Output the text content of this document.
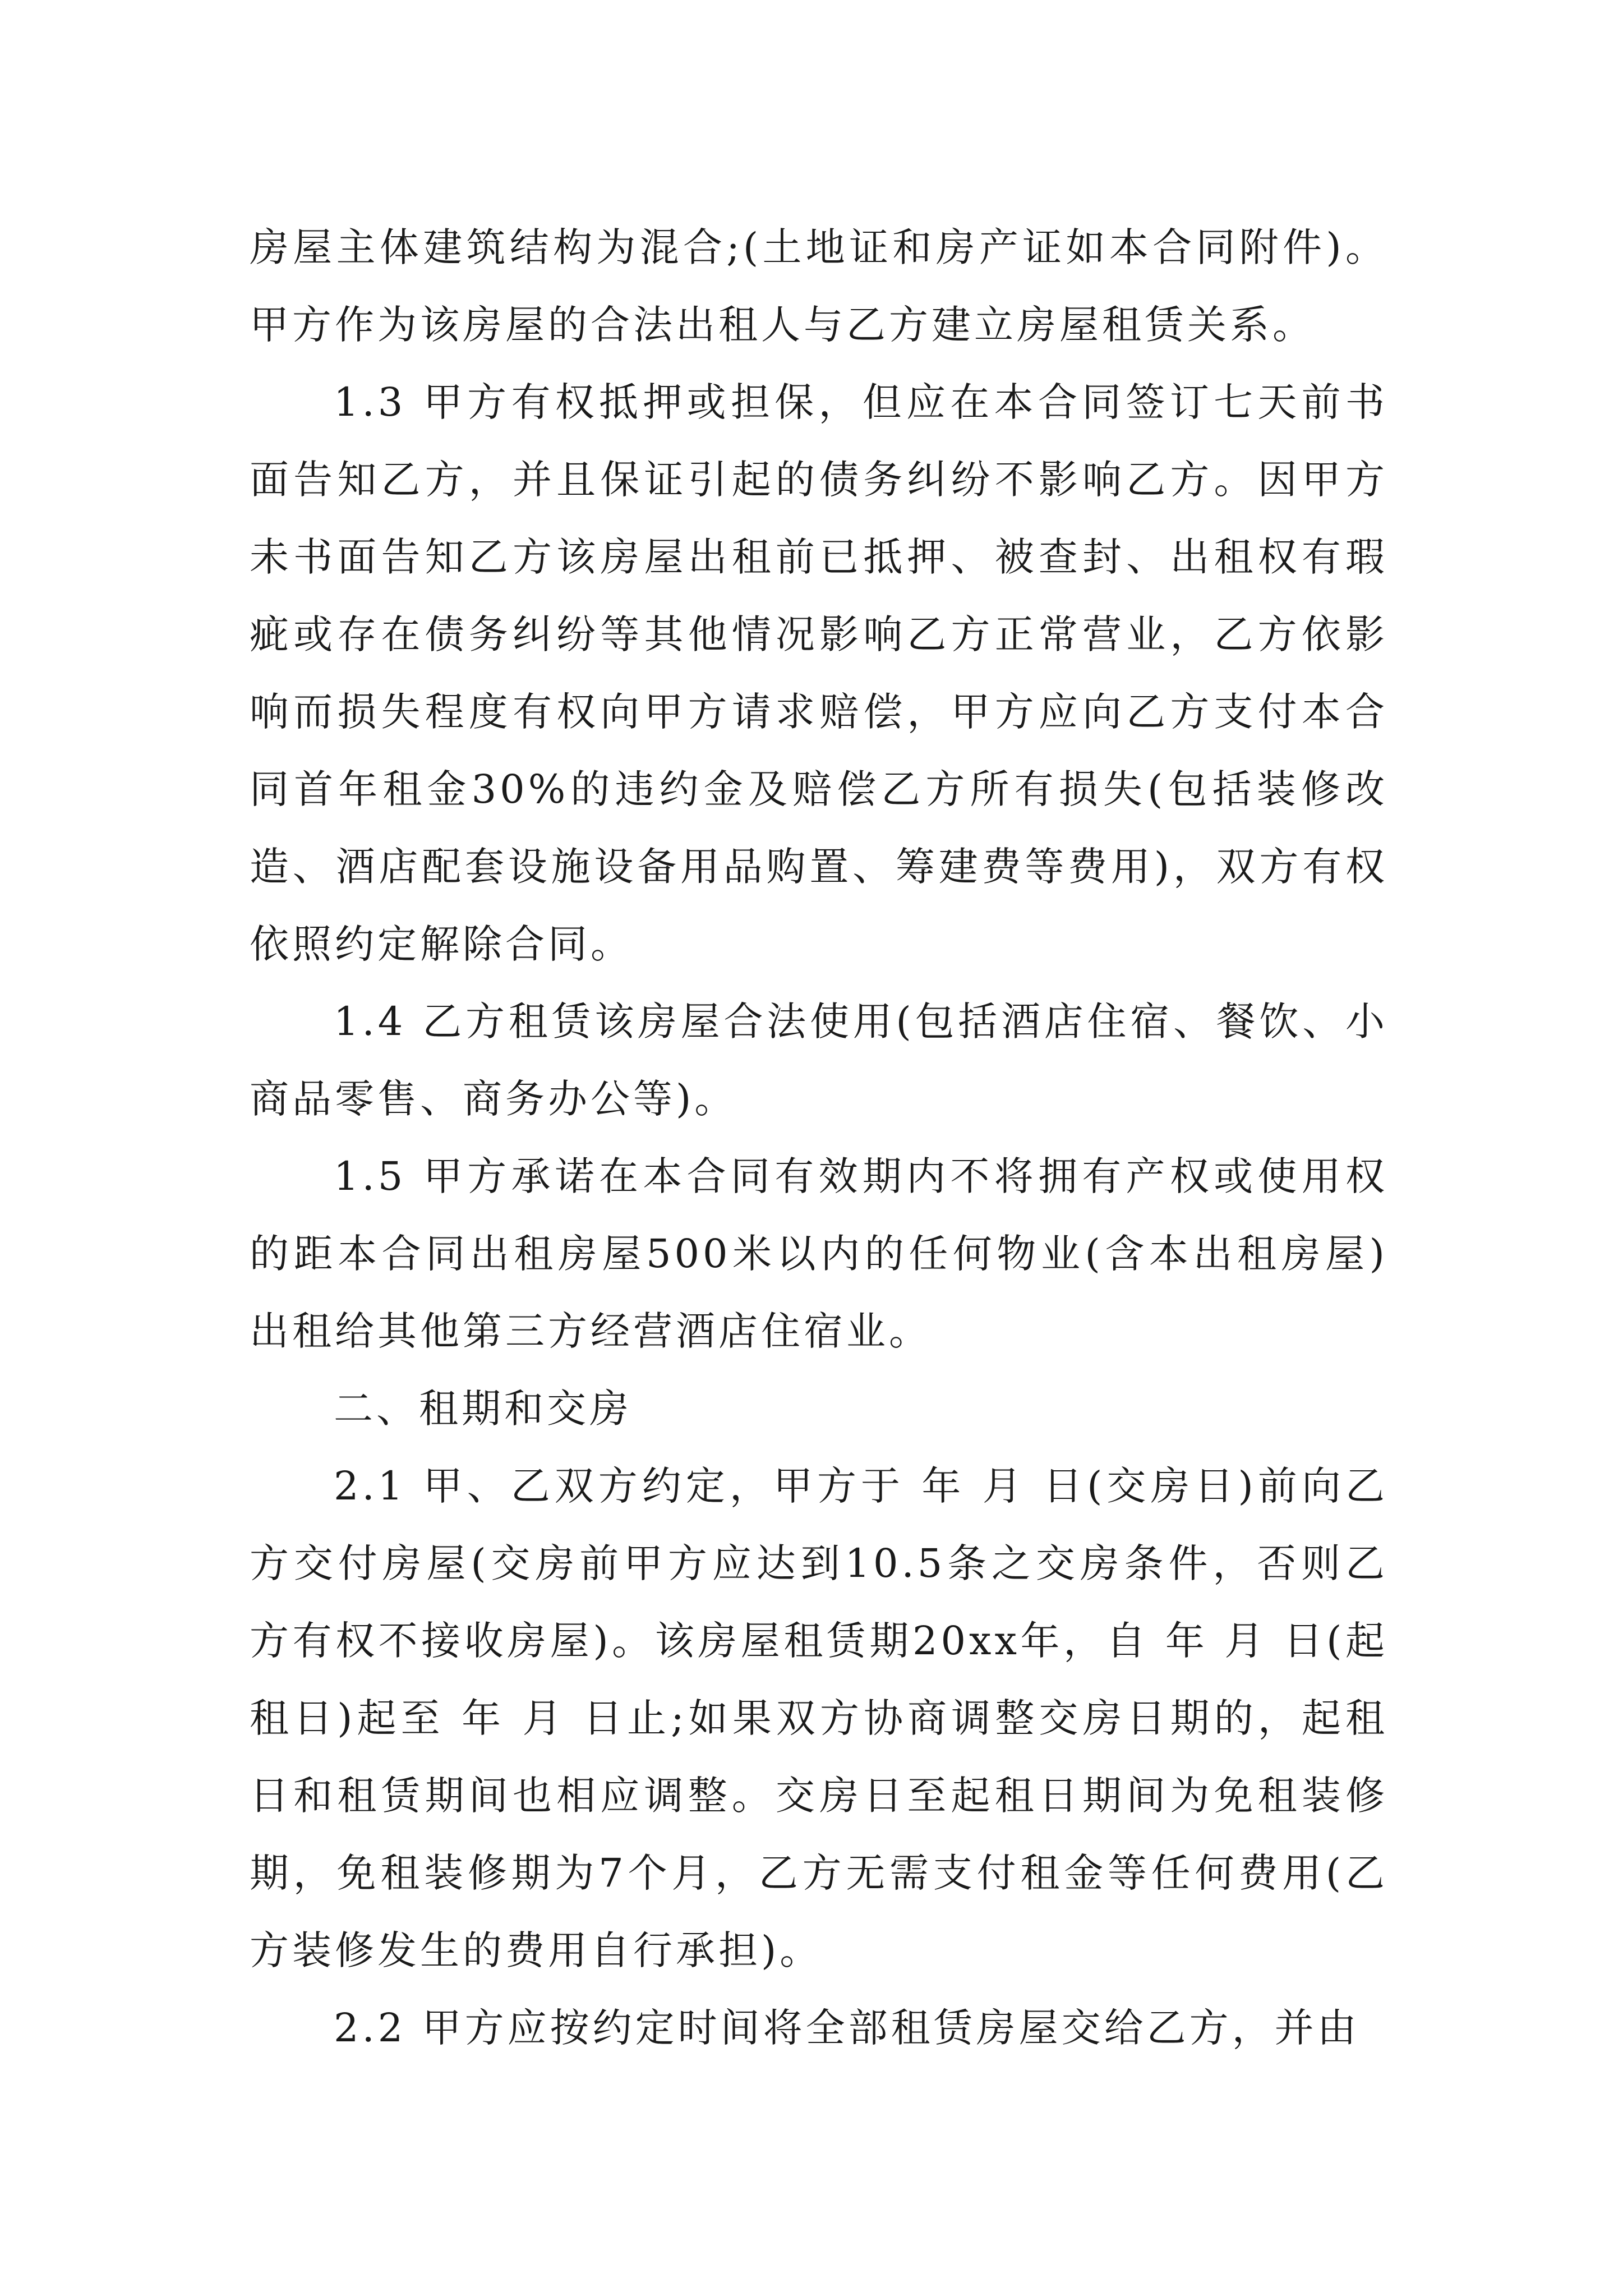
房屋主体建筑结构为混合;(土地证和房产证如本合同附件)。甲方作为该房屋的合法出租人与乙方建立房屋租赁关系。

1.3 甲方有权抵押或担保，但应在本合同签订七天前书面告知乙方，并且保证引起的债务纠纷不影响乙方。因甲方未书面告知乙方该房屋出租前已抵押、被查封、出租权有瑕疵或存在债务纠纷等其他情况影响乙方正常营业，乙方依影响而损失程度有权向甲方请求赔偿，甲方应向乙方支付本合同首年租金30%的违约金及赔偿乙方所有损失(包括装修改造、酒店配套设施设备用品购置、筹建费等费用)，双方有权依照约定解除合同。

1.4 乙方租赁该房屋合法使用(包括酒店住宿、餐饮、小商品零售、商务办公等)。

1.5 甲方承诺在本合同有效期内不将拥有产权或使用权的距本合同出租房屋500米以内的任何物业(含本出租房屋)出租给其他第三方经营酒店住宿业。

二、租期和交房

2.1 甲、乙双方约定，甲方于 年 月 日(交房日)前向乙方交付房屋(交房前甲方应达到10.5条之交房条件，否则乙方有权不接收房屋)。该房屋租赁期20xx年，自 年 月 日(起租日)起至 年 月 日止;如果双方协商调整交房日期的，起租日和租赁期间也相应调整。交房日至起租日期间为免租装修期，免租装修期为7个月，乙方无需支付租金等任何费用(乙方装修发生的费用自行承担)。

2.2 甲方应按约定时间将全部租赁房屋交给乙方，并由
